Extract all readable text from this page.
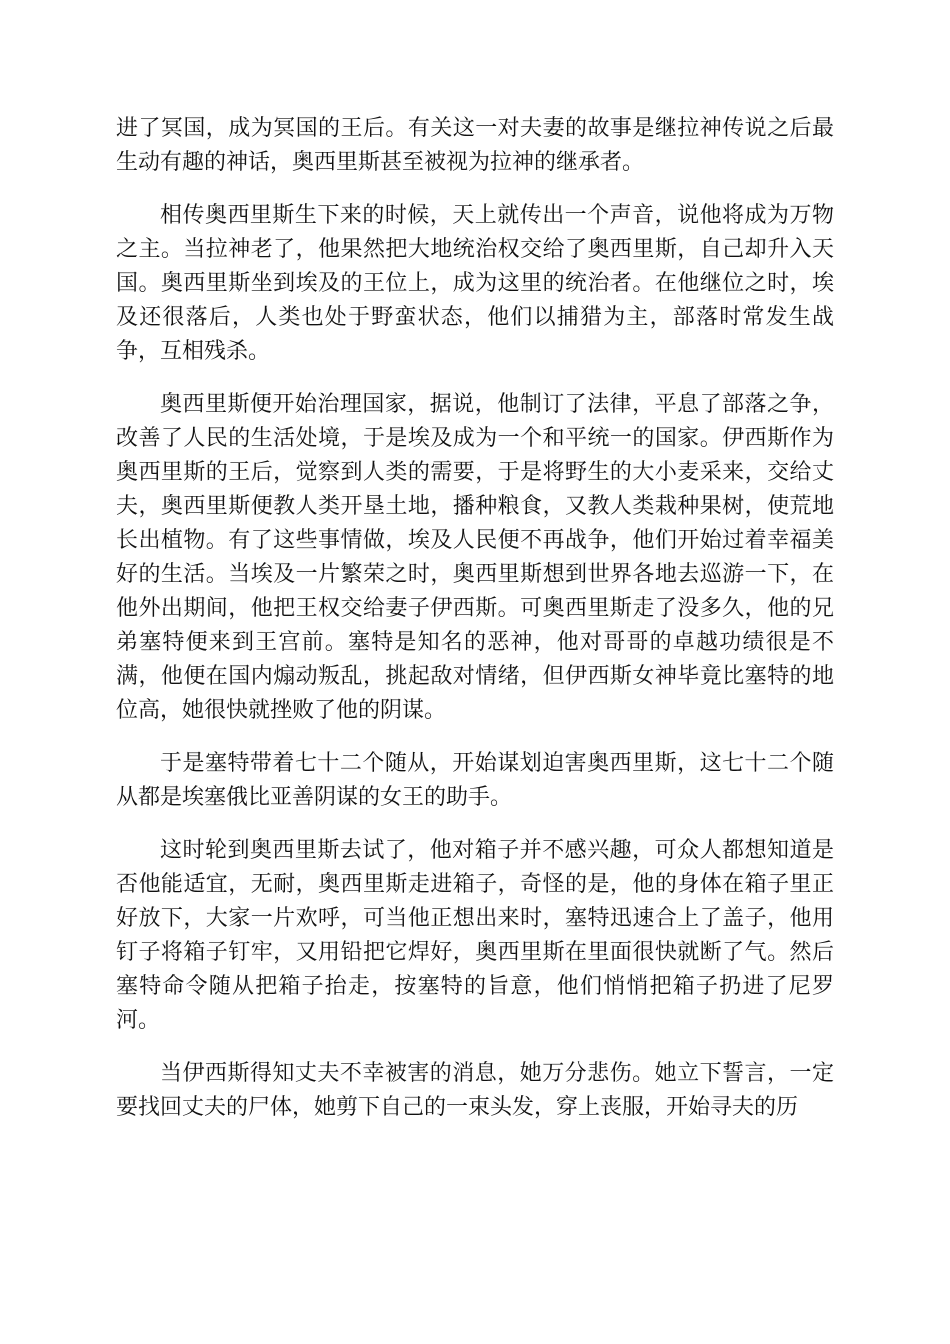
进了冥国，成为冥国的王后。有关这一对夫妻的故事是继拉神传说之后最生动有趣的神话，奥西里斯甚至被视为拉神的继承者。

相传奥西里斯生下来的时候，天上就传出一个声音，说他将成为万物之主。当拉神老了，他果然把大地统治权交给了奥西里斯，自己却升入天国。奥西里斯坐到埃及的王位上，成为这里的统治者。在他继位之时，埃及还很落后，人类也处于野蛮状态，他们以捕猎为主，部落时常发生战争，互相残杀。

奥西里斯便开始治理国家，据说，他制订了法律，平息了部落之争，改善了人民的生活处境，于是埃及成为一个和平统一的国家。伊西斯作为奥西里斯的王后，觉察到人类的需要，于是将野生的大小麦采来，交给丈夫，奥西里斯便教人类开垦土地，播种粮食，又教人类栽种果树，使荒地长出植物。有了这些事情做，埃及人民便不再战争，他们开始过着幸福美好的生活。当埃及一片繁荣之时，奥西里斯想到世界各地去巡游一下，在他外出期间，他把王权交给妻子伊西斯。可奥西里斯走了没多久，他的兄弟塞特便来到王宫前。塞特是知名的恶神，他对哥哥的卓越功绩很是不满，他便在国内煽动叛乱，挑起敌对情绪，但伊西斯女神毕竟比塞特的地位高，她很快就挫败了他的阴谋。

于是塞特带着七十二个随从，开始谋划迫害奥西里斯，这七十二个随从都是埃塞俄比亚善阴谋的女王的助手。

这时轮到奥西里斯去试了，他对箱子并不感兴趣，可众人都想知道是否他能适宜，无耐，奥西里斯走进箱子，奇怪的是，他的身体在箱子里正好放下，大家一片欢呼，可当他正想出来时，塞特迅速合上了盖子，他用钉子将箱子钉牢，又用铅把它焊好，奥西里斯在里面很快就断了气。然后塞特命令随从把箱子抬走，按塞特的旨意，他们悄悄把箱子扔进了尼罗河。

当伊西斯得知丈夫不幸被害的消息，她万分悲伤。她立下誓言，一定要找回丈夫的尸体，她剪下自己的一束头发，穿上丧服，开始寻夫的历
